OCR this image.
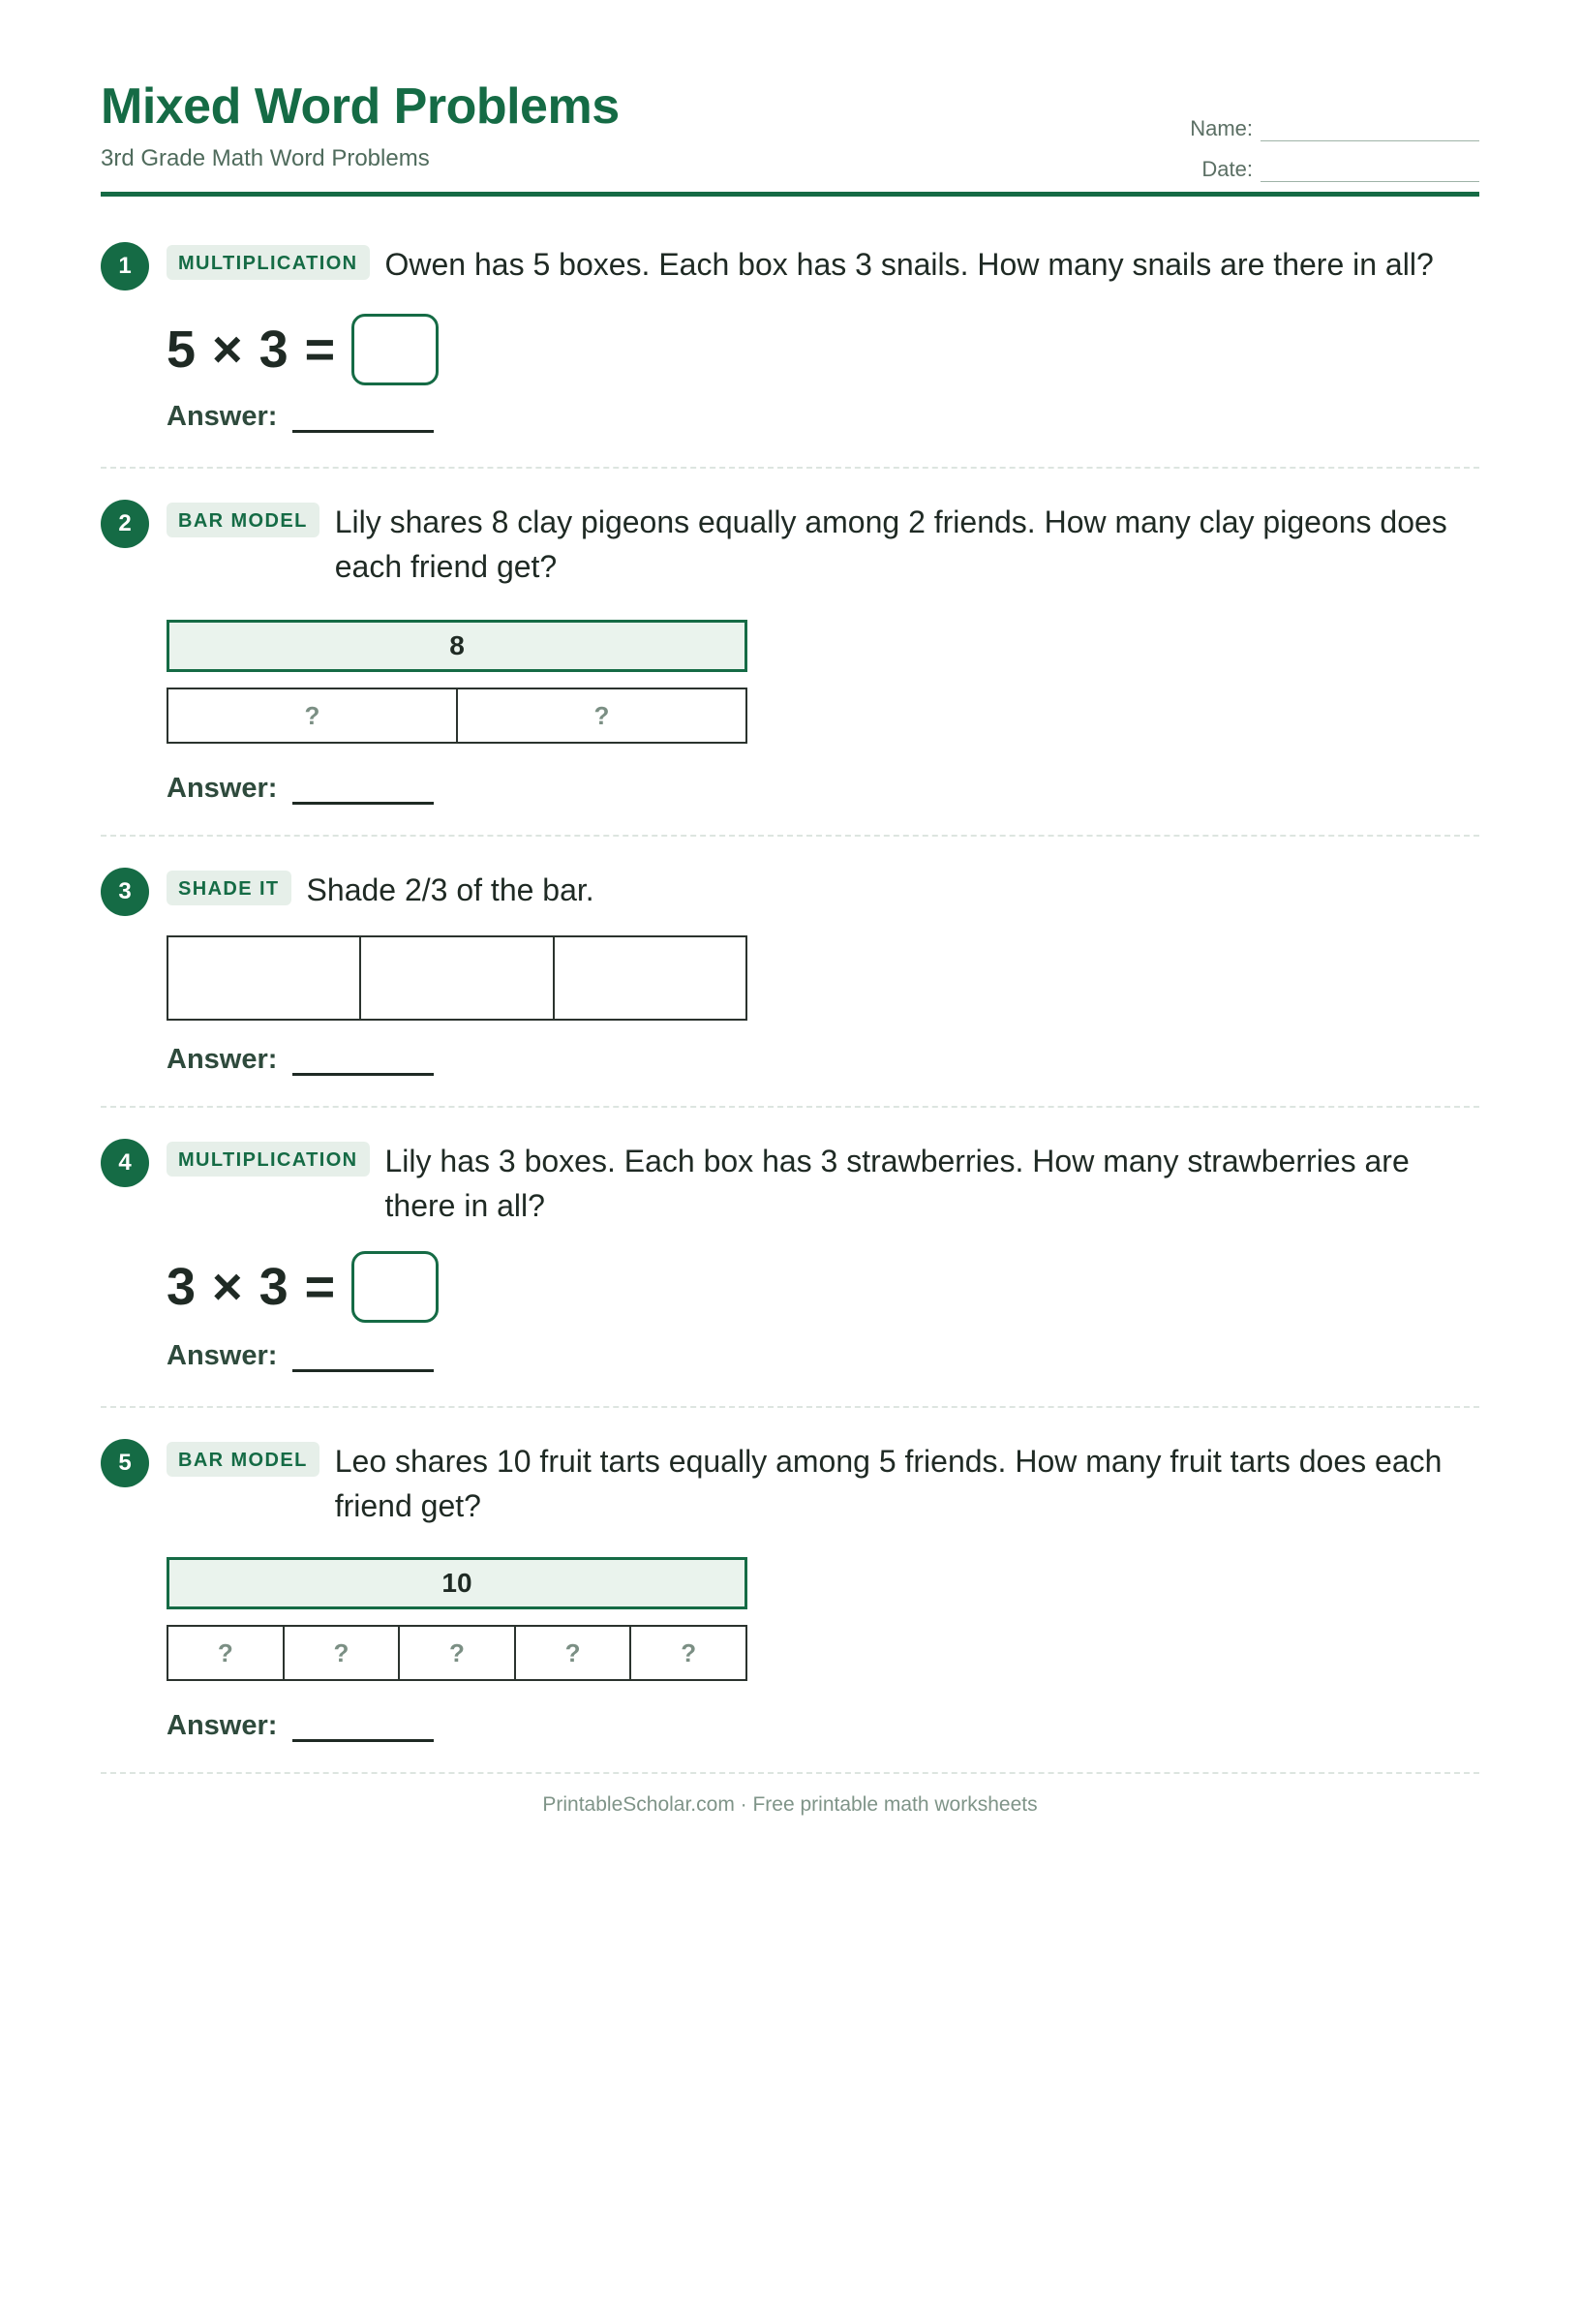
Mixed Word Problems
3rd Grade Math Word Problems
Name:
Date:
1	MULTIPLICATION Owen has 5 boxes. Each box has 3 snails. How many snails are there in all?
5 × 3 =
Answer:
2	BAR MODEL Lily shares 8 clay pigeons equally among 2 friends. How many clay pigeons does each friend get?
8
?	?
Answer:
3	SHADE IT Shade 2/3 of the bar.
Answer:
4	MULTIPLICATION Lily has 3 boxes. Each box has 3 strawberries. How many strawberries are there in all?
3 × 3 =
Answer:
5	BAR MODEL Leo shares 10 fruit tarts equally among 5 friends. How many fruit tarts does each friend get?
10
?	?	?	?	?
Answer:
PrintableScholar.com · Free printable math worksheets
